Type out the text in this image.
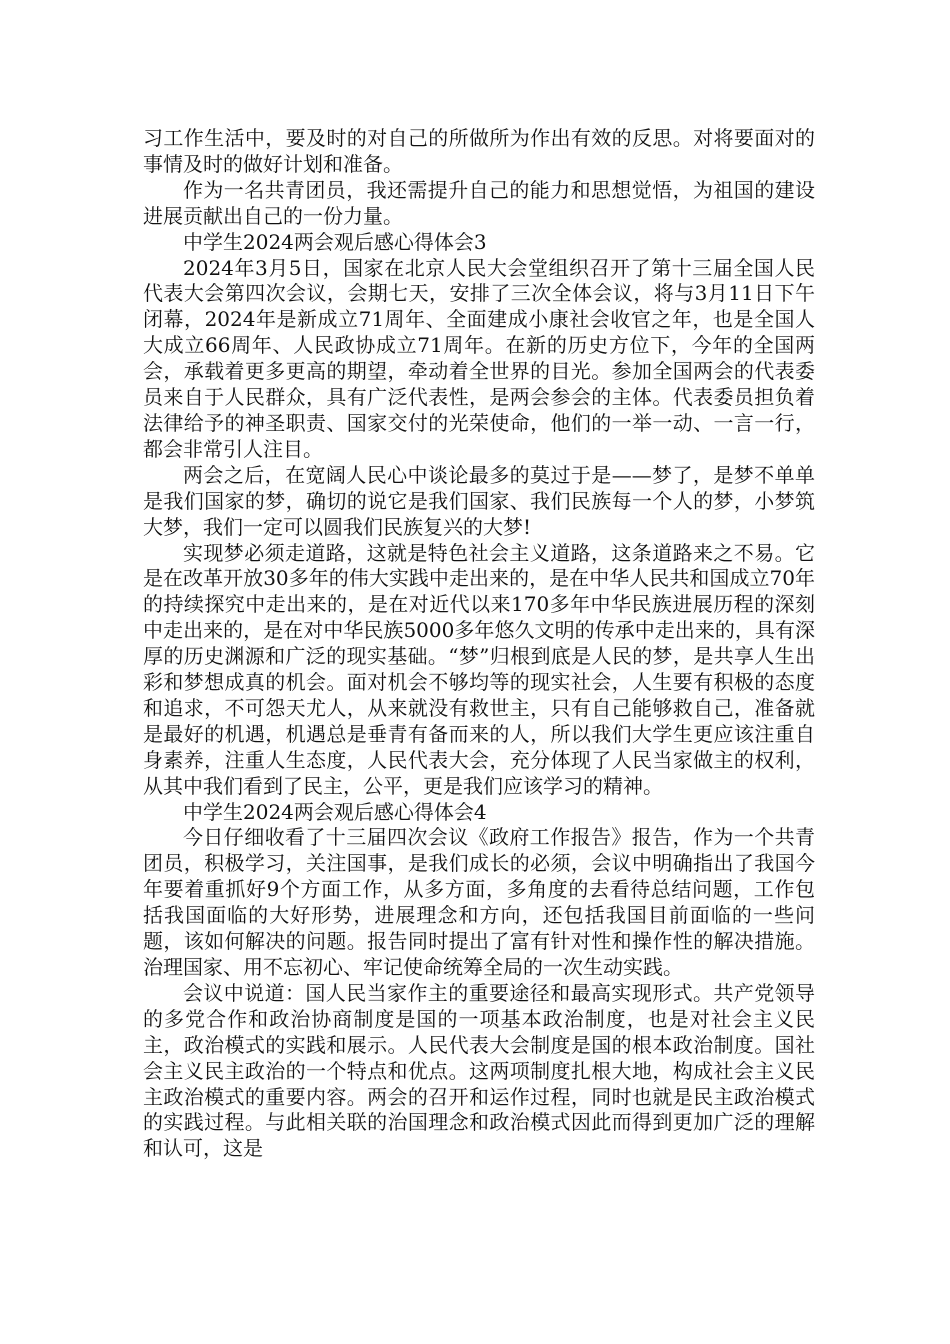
习工作生活中，要及时的对自己的所做所为作出有效的反思。对将要面对的事情及时的做好计划和准备。

作为一名共青团员，我还需提升自己的能力和思想觉悟，为祖国的建设进展贡献出自己的一份力量。

中学生2024两会观后感心得体会3

2024年3月5日，国家在北京人民大会堂组织召开了第十三届全国人民代表大会第四次会议，会期七天，安排了三次全体会议，将与3月11日下午闭幕，2024年是新成立71周年、全面建成小康社会收官之年，也是全国人大成立66周年、人民政协成立71周年。在新的历史方位下，今年的全国两会，承载着更多更高的期望，牵动着全世界的目光。参加全国两会的代表委员来自于人民群众，具有广泛代表性，是两会参会的主体。代表委员担负着法律给予的神圣职责、国家交付的光荣使命，他们的一举一动、一言一行，都会非常引人注目。

两会之后，在宽阔人民心中谈论最多的莫过于是——梦了，是梦不单单是我们国家的梦，确切的说它是我们国家、我们民族每一个人的梦，小梦筑大梦，我们一定可以圆我们民族复兴的大梦!

实现梦必须走道路，这就是特色社会主义道路，这条道路来之不易。它是在改革开放30多年的伟大实践中走出来的，是在中华人民共和国成立70年的持续探究中走出来的，是在对近代以来170多年中华民族进展历程的深刻中走出来的，是在对中华民族5000多年悠久文明的传承中走出来的，具有深厚的历史渊源和广泛的现实基础。“梦”归根到底是人民的梦，是共享人生出彩和梦想成真的机会。面对机会不够均等的现实社会，人生要有积极的态度和追求，不可怨天尤人，从来就没有救世主，只有自己能够救自己，准备就是最好的机遇，机遇总是垂青有备而来的人，所以我们大学生更应该注重自身素养，注重人生态度，人民代表大会，充分体现了人民当家做主的权利，从其中我们看到了民主，公平，更是我们应该学习的精神。

中学生2024两会观后感心得体会4

今日仔细收看了十三届四次会议《政府工作报告》报告，作为一个共青团员，积极学习，关注国事，是我们成长的必须，会议中明确指出了我国今年要着重抓好9个方面工作，从多方面，多角度的去看待总结问题，工作包括我国面临的大好形势，进展理念和方向，还包括我国目前面临的一些问题，该如何解决的问题。报告同时提出了富有针对性和操作性的解决措施。治理国家、用不忘初心、牢记使命统筹全局的一次生动实践。

会议中说道：国人民当家作主的重要途径和最高实现形式。共产党领导的多党合作和政治协商制度是国的一项基本政治制度，也是对社会主义民主，政治模式的实践和展示。人民代表大会制度是国的根本政治制度。国社会主义民主政治的一个特点和优点。这两项制度扎根大地，构成社会主义民主政治模式的重要内容。两会的召开和运作过程，同时也就是民主政治模式的实践过程。与此相关联的治国理念和政治模式因此而得到更加广泛的理解和认可，这是
